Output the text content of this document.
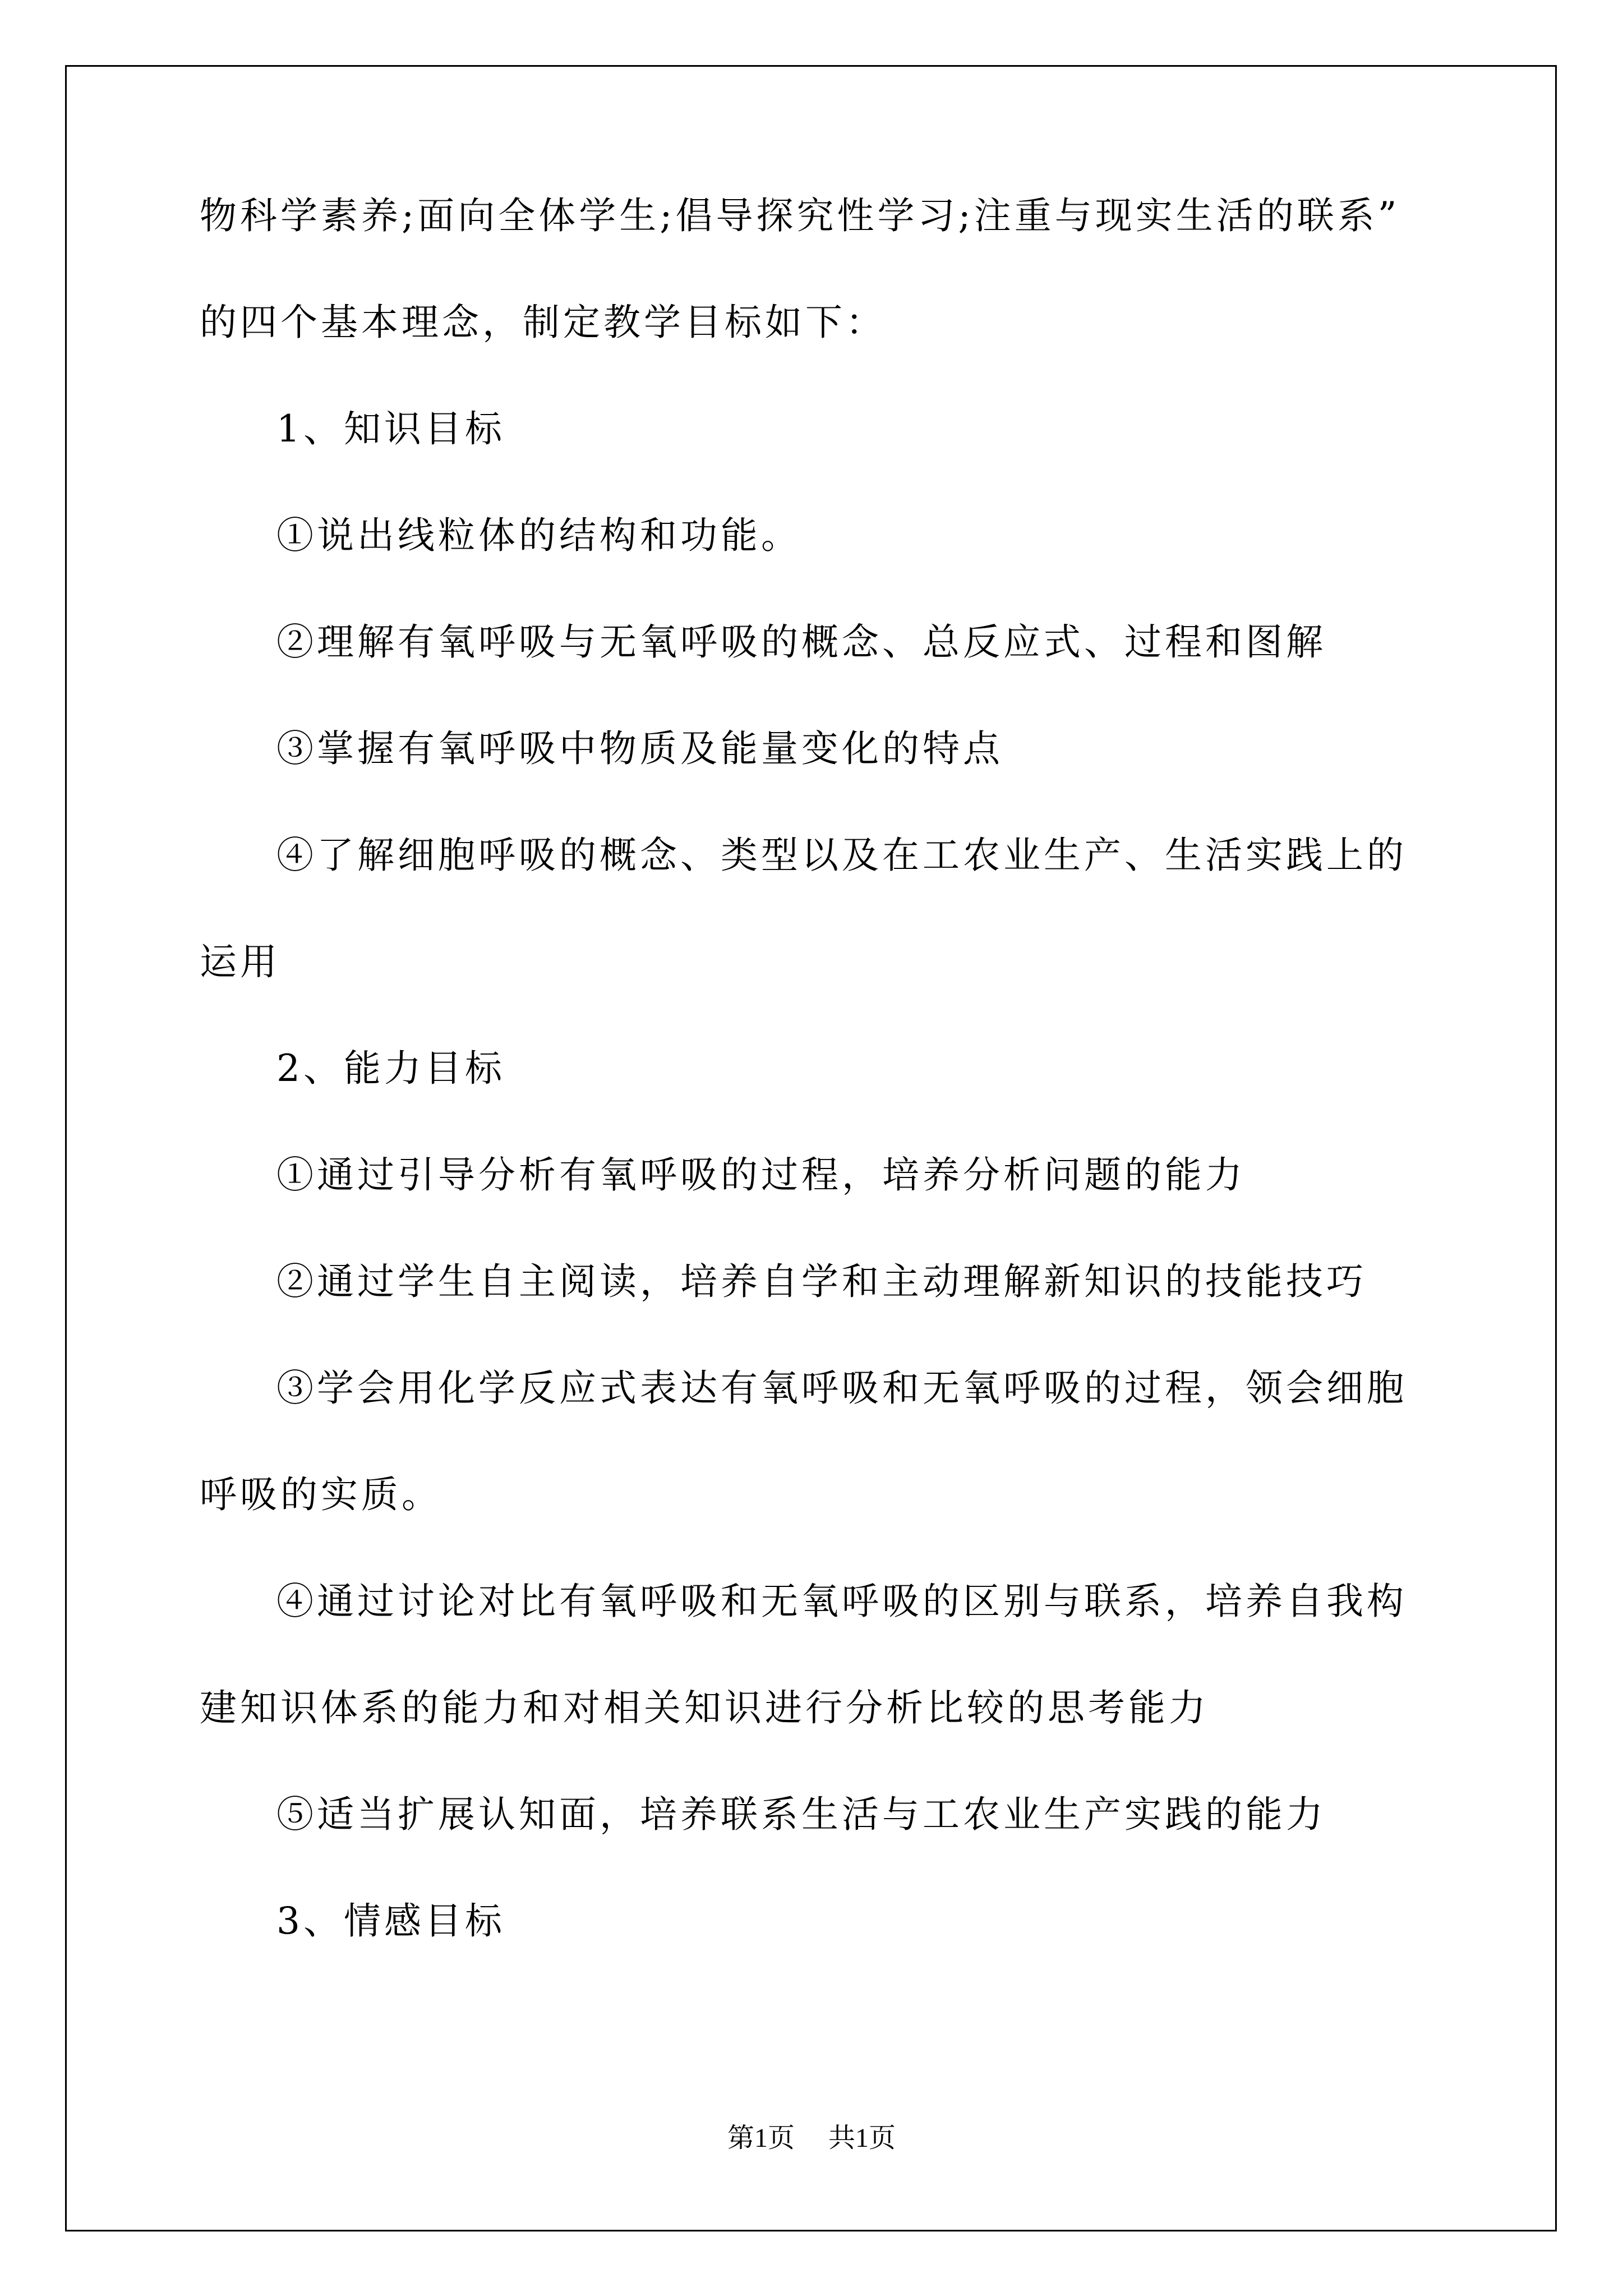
物科学素养;面向全体学生;倡导探究性学习;注重与现实生活的联系”

的四个基本理念，制定教学目标如下：

1、知识目标

①说出线粒体的结构和功能。

②理解有氧呼吸与无氧呼吸的概念、总反应式、过程和图解

③掌握有氧呼吸中物质及能量变化的特点

④了解细胞呼吸的概念、类型以及在工农业生产、生活实践上的

运用

2、能力目标

①通过引导分析有氧呼吸的过程，培养分析问题的能力

②通过学生自主阅读，培养自学和主动理解新知识的技能技巧

③学会用化学反应式表达有氧呼吸和无氧呼吸的过程，领会细胞

呼吸的实质。

④通过讨论对比有氧呼吸和无氧呼吸的区别与联系，培养自我构

建知识体系的能力和对相关知识进行分析比较的思考能力

⑤适当扩展认知面，培养联系生活与工农业生产实践的能力

3、情感目标

第1页 共1页
